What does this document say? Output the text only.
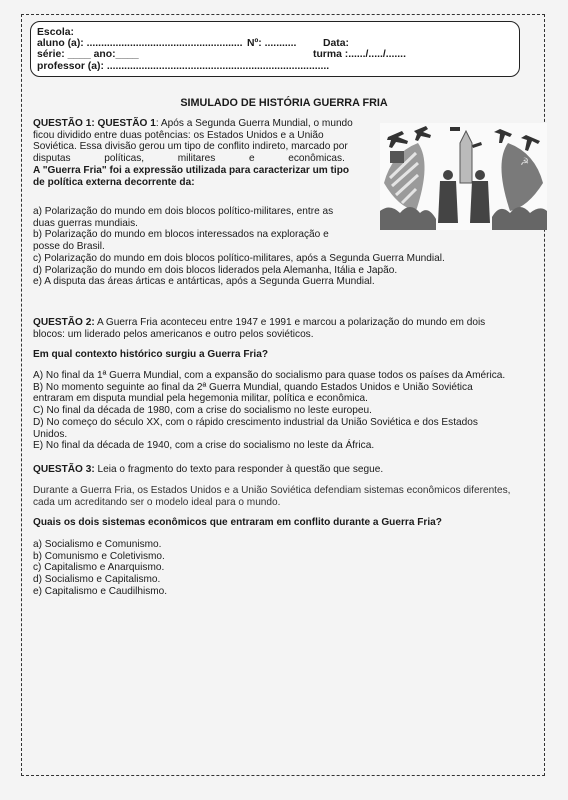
Escola:
aluno (a): ...................................................... Nº: ...........	Data:
série: ____ ano:____	turma :....../...../.......
professor (a): .............................................................................
SIMULADO DE HISTÓRIA GUERRA FRIA

QUESTÃO 1: QUESTÃO 1: Após a Segunda Guerra Mundial, o mundo

ficou dividido entre duas potências: os Estados Unidos e a União

Soviética. Essa divisão gerou um tipo de conflito indireto, marcado por

disputas            políticas,            militares            e            econômicas.

A "Guerra Fria" foi a expressão utilizada para caracterizar um tipo

de política externa decorrente da:

a) Polarização do mundo em dois blocos político-militares, entre as

duas guerras mundiais.

b) Polarização do mundo em blocos interessados na exploração e

posse do Brasil.

c) Polarização do mundo em dois blocos político-militares, após a Segunda Guerra Mundial.

d) Polarização do mundo em dois blocos liderados pela Alemanha, Itália e Japão.

e) A disputa das áreas árticas e antárticas, após a Segunda Guerra Mundial.

☭

QUESTÃO 2: A Guerra Fria aconteceu entre 1947 e 1991 e marcou a polarização do mundo em dois

blocos: um liderado pelos americanos e outro pelos soviéticos.

Em qual contexto histórico surgiu a Guerra Fria?

A) No final da 1ª Guerra Mundial, com a expansão do socialismo para quase todos os países da América.

B) No momento seguinte ao final da 2ª Guerra Mundial, quando Estados Unidos e União Soviética

entraram em disputa mundial pela hegemonia militar, política e econômica.

C) No final da década de 1980, com a crise do socialismo no leste europeu.

D) No começo do século XX, com o rápido crescimento industrial da União Soviética e dos Estados

Unidos.

E) No final da década de 1940, com a crise do socialismo no leste da África.

QUESTÃO 3: Leia o fragmento do texto para responder à questão que segue.

Durante a Guerra Fria, os Estados Unidos e a União Soviética defendiam sistemas econômicos diferentes,

cada um acreditando ser o modelo ideal para o mundo.

Quais os dois sistemas econômicos que entraram em conflito durante a Guerra Fria?

a) Socialismo e Comunismo.

b) Comunismo e Coletivismo.

c) Capitalismo e Anarquismo.

d) Socialismo e Capitalismo.

e) Capitalismo e Caudilhismo.
